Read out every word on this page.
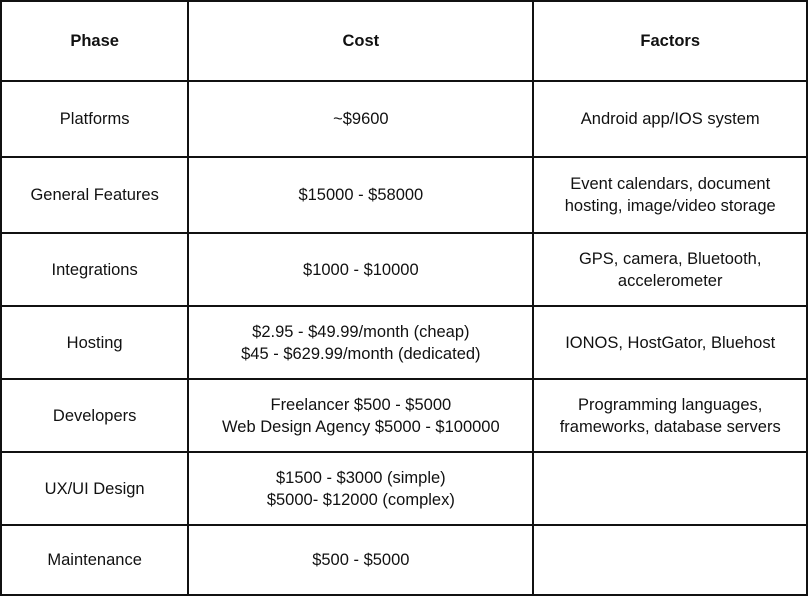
Phase	Cost	Factors
Platforms	~$9600	Android app/IOS system

General Features	$15000 - $58000	Event calendars, document
hosting, image/video storage

Integrations	$1000 - $10000	GPS, camera, Bluetooth,
accelerometer

Hosting	$2.95 - $49.99/month (cheap)
$45 - $629.99/month (dedicated)	IONOS, HostGator, Bluehost

Developers	Freelancer $500 - $5000
Web Design Agency $5000 - $100000	Programming languages,
frameworks, database servers

UX/UI Design	$1500 - $3000 (simple)
$5000- $12000 (complex)	

Maintenance	$500 - $5000	
